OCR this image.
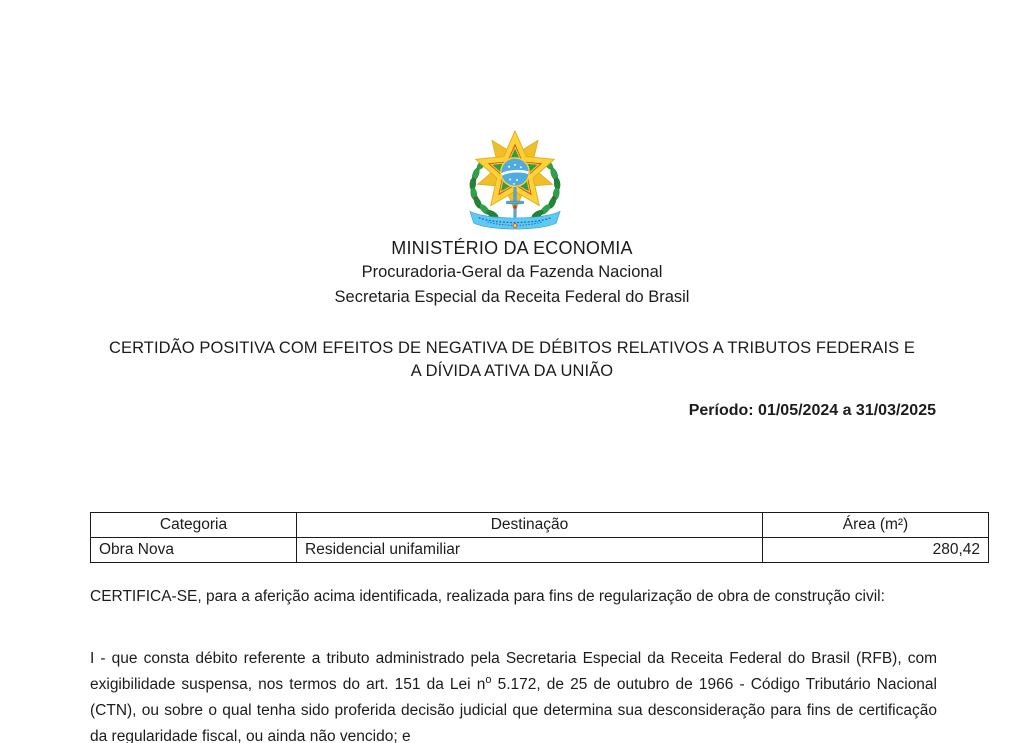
MINISTÉRIO DA ECONOMIA
Procuradoria-Geral da Fazenda Nacional
Secretaria Especial da Receita Federal do Brasil
CERTIDÃO POSITIVA COM EFEITOS DE NEGATIVA DE DÉBITOS RELATIVOS A TRIBUTOS FEDERAIS E
A DÍVIDA ATIVA DA UNIÃO
Período: 01/05/2024 a 31/03/2025
Categoria	Destinação	Área (m²)
Obra Nova	Residencial unifamiliar	280,42

CERTIFICA-SE, para a aferição acima identificada, realizada para fins de regularização de obra de construção civil:

I - que consta débito referente a tributo administrado pela Secretaria Especial da Receita Federal do Brasil (RFB), com exigibilidade suspensa, nos termos do art. 151 da Lei $n^o$ 5.172, de 25 de outubro de 1966 - Código Tributário Nacional (CTN), ou sobre o qual tenha sido proferida decisão judicial que determina sua desconsideração para fins de certificação da regularidade fiscal, ou ainda não vencido; e
